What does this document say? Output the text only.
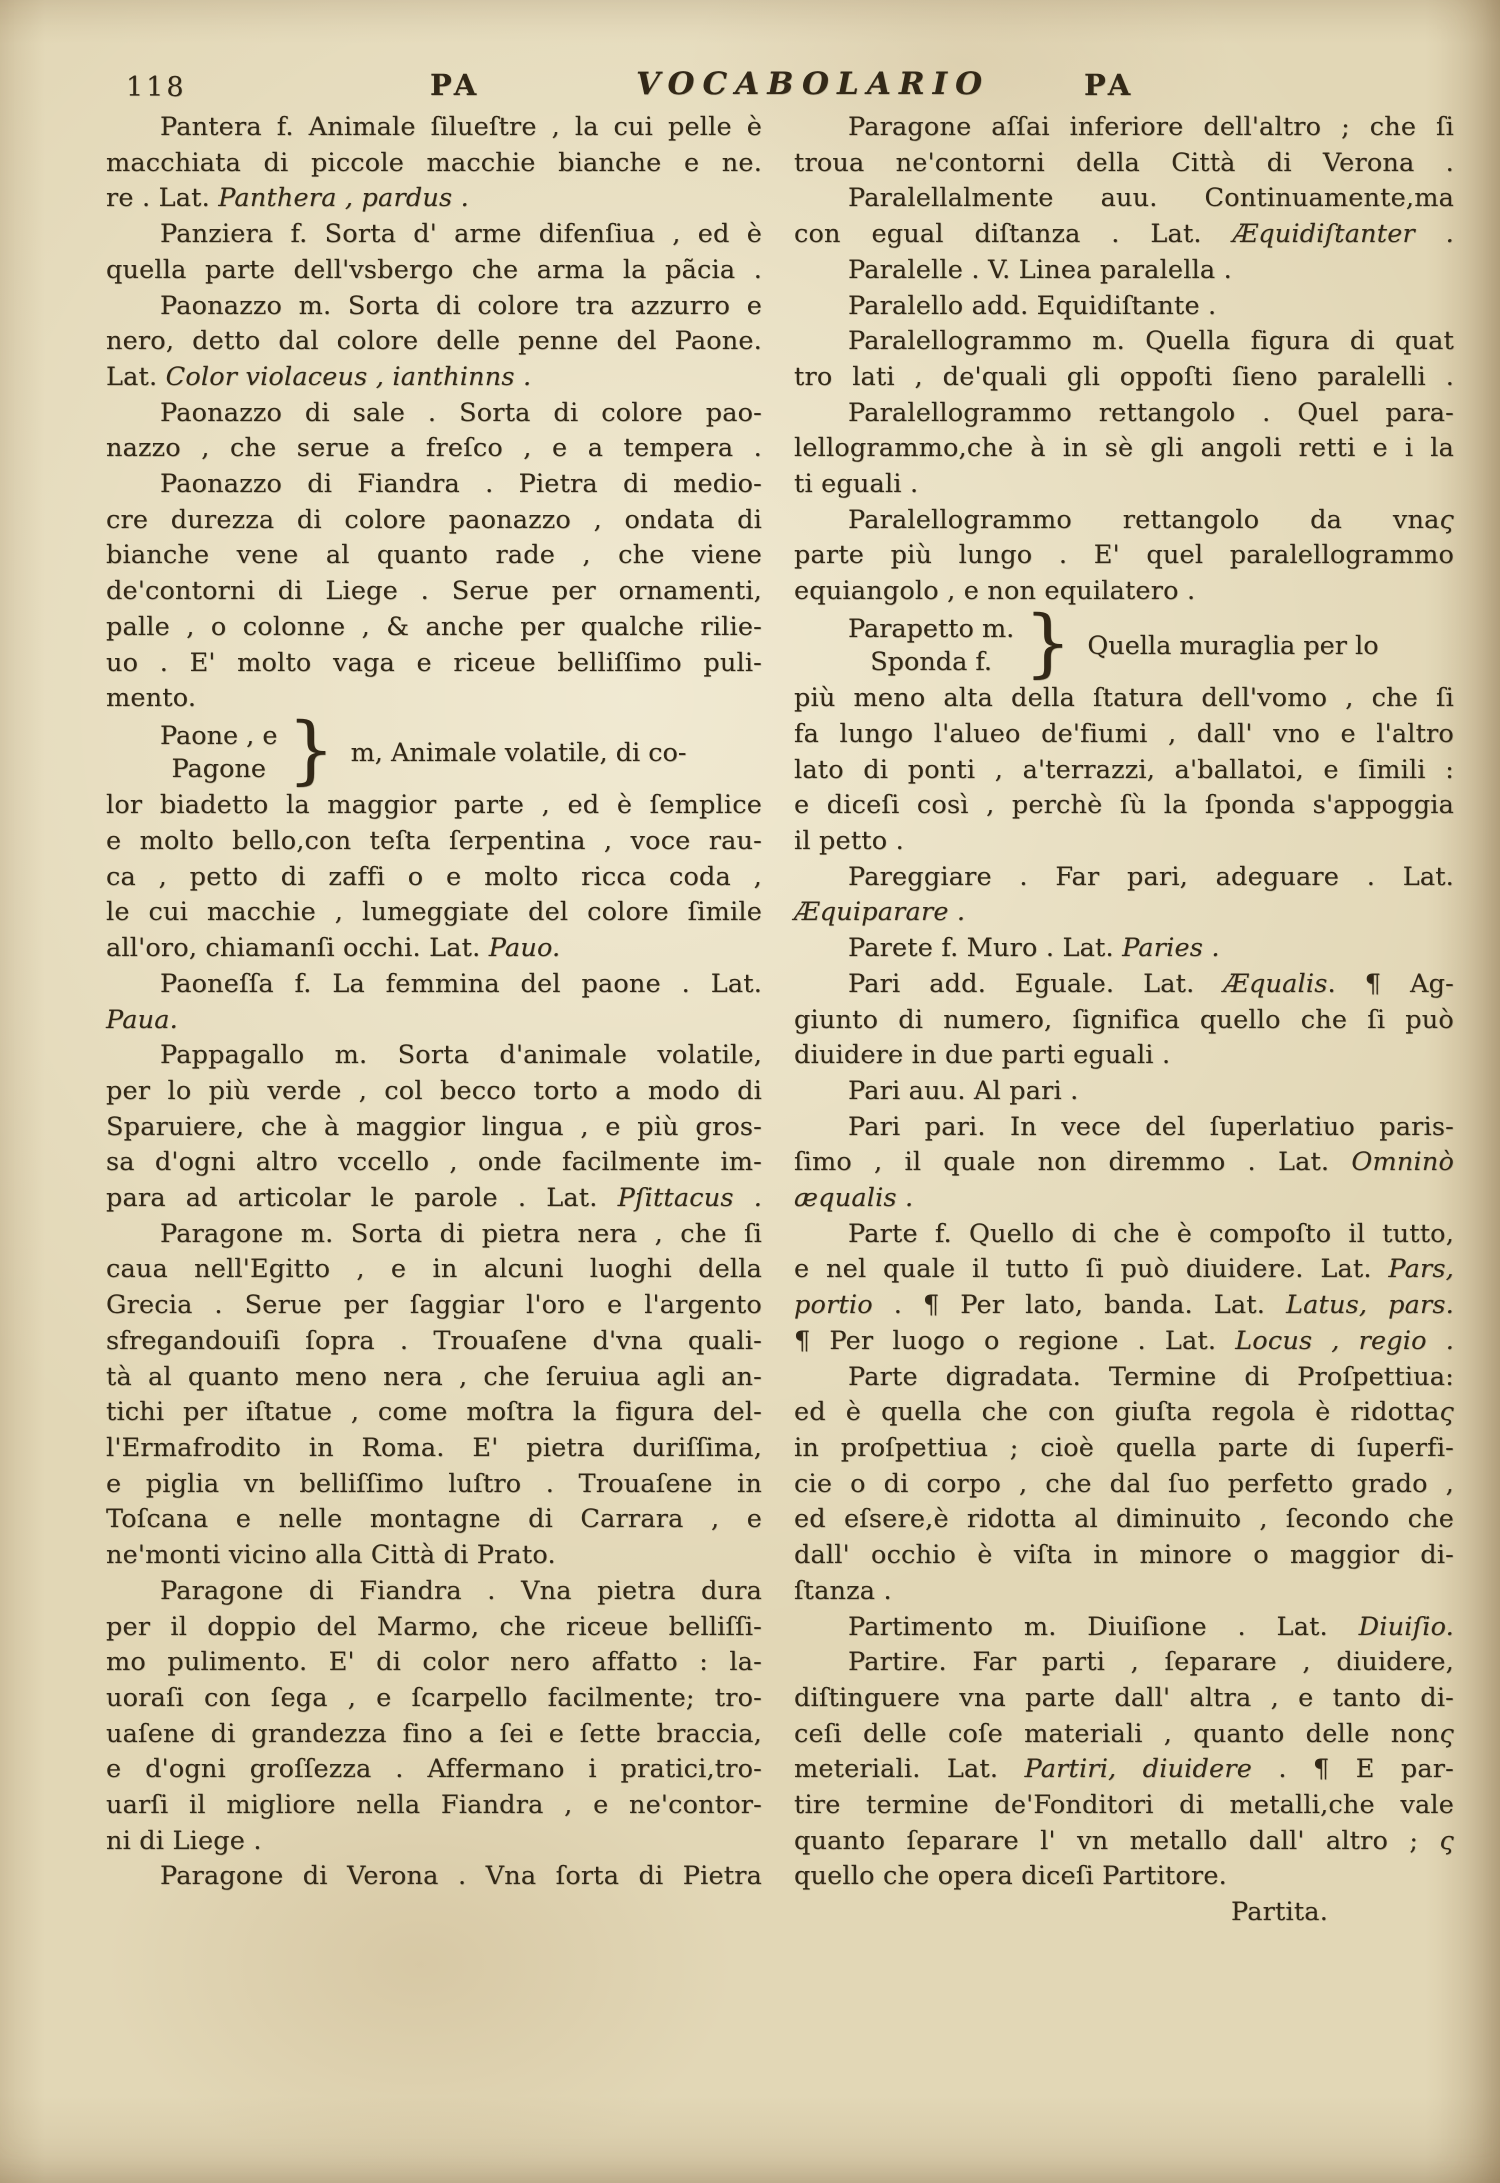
118	PA	VOCABOLARIO	PA
Pantera f. Animale ſilueſtre , la cui pelle è
macchiata di piccole macchie bianche e ne.
re . Lat. Panthera , pardus .
Panziera f. Sorta d' arme difenſiua , ed è
quella parte dell'vsbergo che arma la pãcia .
Paonazzo m. Sorta di colore tra azzurro e
nero, detto dal colore delle penne del Paone.
Lat. Color violaceus , ianthinns .
Paonazzo di sale . Sorta di colore pao-
nazzo , che serue a freſco , e a tempera .
Paonazzo di Fiandra . Pietra di medio-
cre durezza di colore paonazzo , ondata di
bianche vene al quanto rade , che viene
de'contorni di Liege . Serue per ornamenti,
palle , o colonne , & anche per qualche rilie-
uo . E' molto vaga e riceue belliſſimo puli-
mento.
Paone , e
Pagone } m, Animale volatile, di co-
lor biadetto la maggior parte , ed è ſemplice
e molto bello,con teſta ſerpentina , voce rau-
ca , petto di zaffi o e molto ricca coda ,
le cui macchie , lumeggiate del colore ſimile
all'oro, chiamanſi occhi. Lat. Pauo.
Paoneſſa f. La femmina del paone . Lat.
Paua.
Pappagallo m. Sorta d'animale volatile,
per lo più verde , col becco torto a modo di
Sparuiere, che à maggior lingua , e più gros-
sa d'ogni altro vccello , onde facilmente im-
para ad articolar le parole . Lat. Pſittacus .
Paragone m. Sorta di pietra nera , che ſi
caua nell'Egitto , e in alcuni luoghi della
Grecia . Serue per ſaggiar l'oro e l'argento
sfregandouiſi ſopra . Trouaſene d'vna quali-
tà al quanto meno nera , che ſeruiua agli an-
tichi per iſtatue , come moſtra la figura del-
l'Ermafrodito in Roma. E' pietra duriſſima,
e piglia vn belliſſimo luſtro . Trouaſene in
Toſcana e nelle montagne di Carrara , e
ne'monti vicino alla Città di Prato.
Paragone di Fiandra . Vna pietra dura
per il doppio del Marmo, che riceue belliſſi-
mo pulimento. E' di color nero affatto : la-
uoraſi con ſega , e ſcarpello facilmente; tro-
uaſene di grandezza fino a ſei e ſette braccia,
e d'ogni groſſezza . Affermano i pratici,tro-
uarſi il migliore nella Fiandra , e ne'contor-
ni di Liege .
Paragone di Verona . Vna ſorta di Pietra
Paragone aſſai inferiore dell'altro ; che ſi
troua ne'contorni della Città di Verona .
Paralellalmente auu. Continuamente,ma
con egual diſtanza . Lat. Æquidiſtanter .
Paralelle . V. Linea paralella .
Paralello add. Equidiſtante .
Paralellogrammo m. Quella figura di quat
tro lati , de'quali gli oppoſti ſieno paralelli .
Paralellogrammo rettangolo . Quel para-
lellogrammo,che à in sè gli angoli retti e i la
ti eguali .
Paralellogrammo rettangolo da vnaς
parte più lungo . E' quel paralellogrammo
equiangolo , e non equilatero .
Parapetto m.
Sponda f. } Quella muraglia per lo
più meno alta della ſtatura dell'vomo , che ſi
fa lungo l'alueo de'fiumi , dall' vno e l'altro
lato di ponti , a'terrazzi, a'ballatoi, e ſimili :
e diceſi così , perchè ſù la ſponda s'appoggia
il petto .
Pareggiare . Far pari, adeguare . Lat.
Æquiparare .
Parete f. Muro . Lat. Paries .
Pari add. Eguale. Lat. Æqualis. ¶ Ag-
giunto di numero, ſignifica quello che ſi può
diuidere in due parti eguali .
Pari auu. Al pari .
Pari pari. In vece del ſuperlatiuo paris-
ſimo , il quale non diremmo . Lat. Omninò
æqualis .
Parte f. Quello di che è compoſto il tutto,
e nel quale il tutto ſi può diuidere. Lat. Pars,
portio . ¶ Per lato, banda. Lat. Latus, pars.
¶ Per luogo o regione . Lat. Locus , regio .
Parte digradata. Termine di Proſpettiua:
ed è quella che con giuſta regola è ridottaς
in proſpettiua ; cioè quella parte di ſuperfi-
cie o di corpo , che dal ſuo perfetto grado ,
ed eſsere,è ridotta al diminuito , ſecondo che
dall' occhio è viſta in minore o maggior di-
ſtanza .
Partimento m. Diuiſione . Lat. Diuiſio.
Partire. Far parti , ſeparare , diuidere,
diſtinguere vna parte dall' altra , e tanto di-
ceſi delle coſe materiali , quanto delle nonς
meteriali. Lat. Partiri, diuidere . ¶ E par-
tire termine de'Fonditori di metalli,che vale
quanto ſeparare l' vn metallo dall' altro ; ς
quello che opera diceſi Partitore.
Partita.
